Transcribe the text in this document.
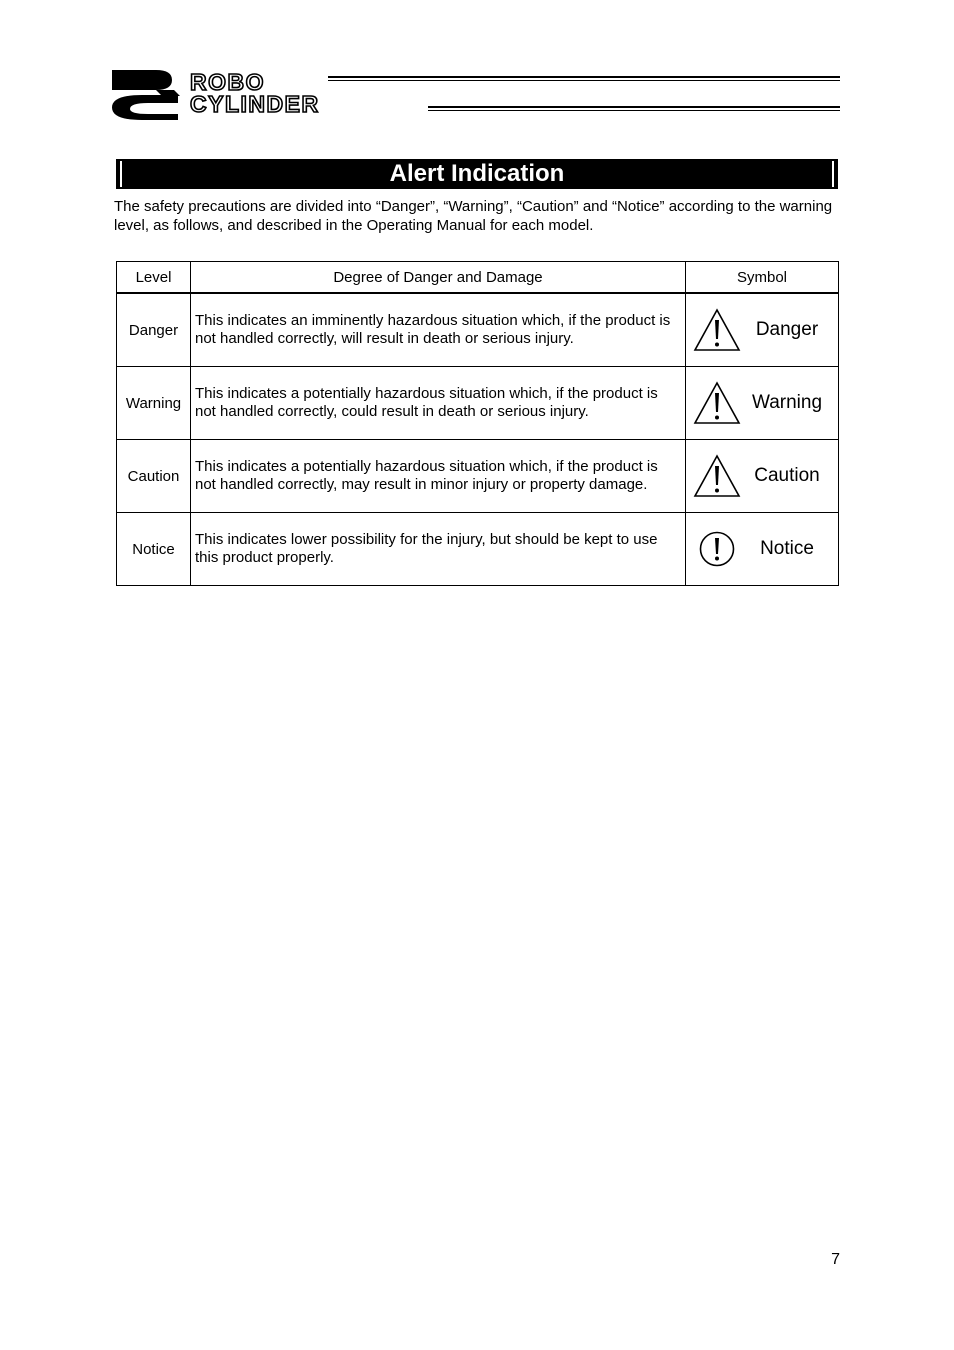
ROBO
CYLINDER
Alert Indication
The safety precautions are divided into “Danger”, “Warning”, “Caution” and “Notice” according to the warning level, as follows, and described in the Operating Manual for each model.
Level	Degree of Danger and Damage	Symbol
Danger	This indicates an imminently hazardous situation which, if the product is not handled correctly, will result in death or serious injury.	Danger

Warning	This indicates a potentially hazardous situation which, if the product is not handled correctly, could result in death or serious injury.	Warning

Caution	This indicates a potentially hazardous situation which, if the product is not handled correctly, may result in minor injury or property damage.	Caution

Notice	This indicates lower possibility for the injury, but should be kept to use this product properly.	Notice
7
